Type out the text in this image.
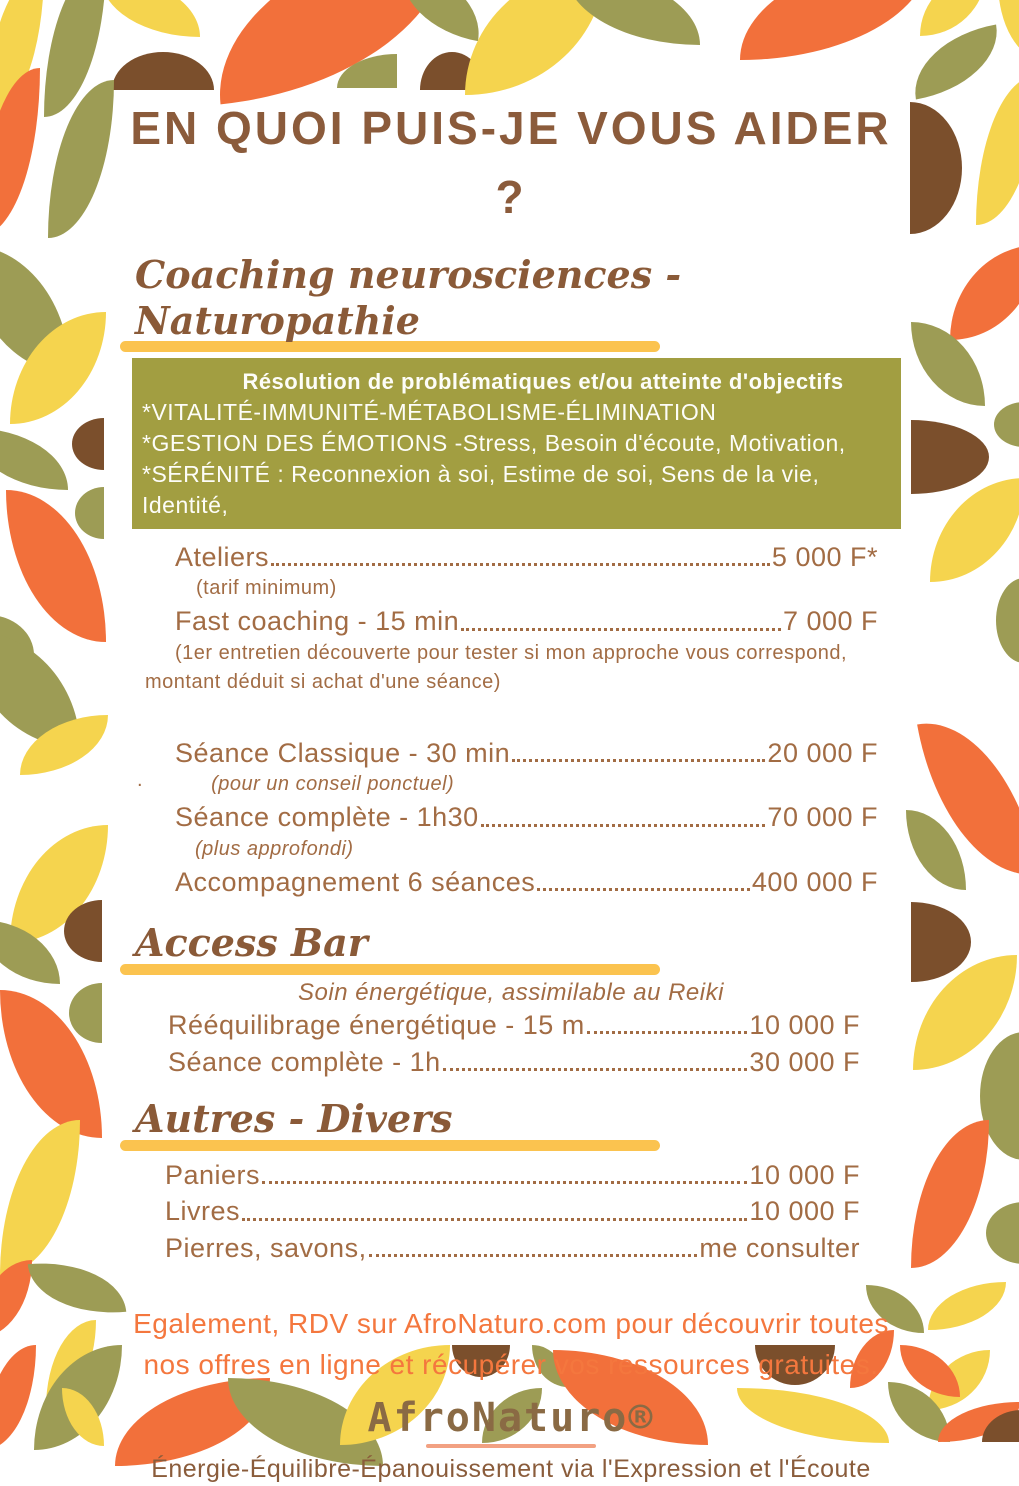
EN QUOI PUIS-JE VOUS AIDER ?
Coaching neurosciences - Naturopathie
Résolution de problématiques et/ou atteinte d'objectifs
*VITALITÉ-IMMUNITÉ-MÉTABOLISME-ÉLIMINATION
*GESTION DES ÉMOTIONS -Stress, Besoin d'écoute, Motivation,
*SÉRÉNITÉ : Reconnexion à soi, Estime de soi, Sens de la vie, Identité,
Ateliers	5 000 F*
(tarif minimum)
Fast coaching - 15 min	7 000 F
(1er entretien découverte pour tester si mon approche vous correspond,
montant déduit si achat d'une séance)
Séance Classique - 30 min	20 000 F
.	(pour un conseil ponctuel)
Séance complète - 1h30	70 000 F
(plus approfondi)
Accompagnement 6 séances	400 000 F
Access Bar
Soin énergétique, assimilable au Reiki
Rééquilibrage énergétique - 15 m	10 000 F
Séance complète - 1h	30 000 F
Autres - Divers
Paniers	10 000 F
Livres	10 000 F
Pierres, savons,	me consulter
Egalement, RDV sur AfroNaturo.com pour découvrir toutes
nos offres en ligne et récupérer vos ressources gratuites.
AfroNaturo®
Énergie-Équilibre-Épanouissement via l'Expression et l'Écoute
